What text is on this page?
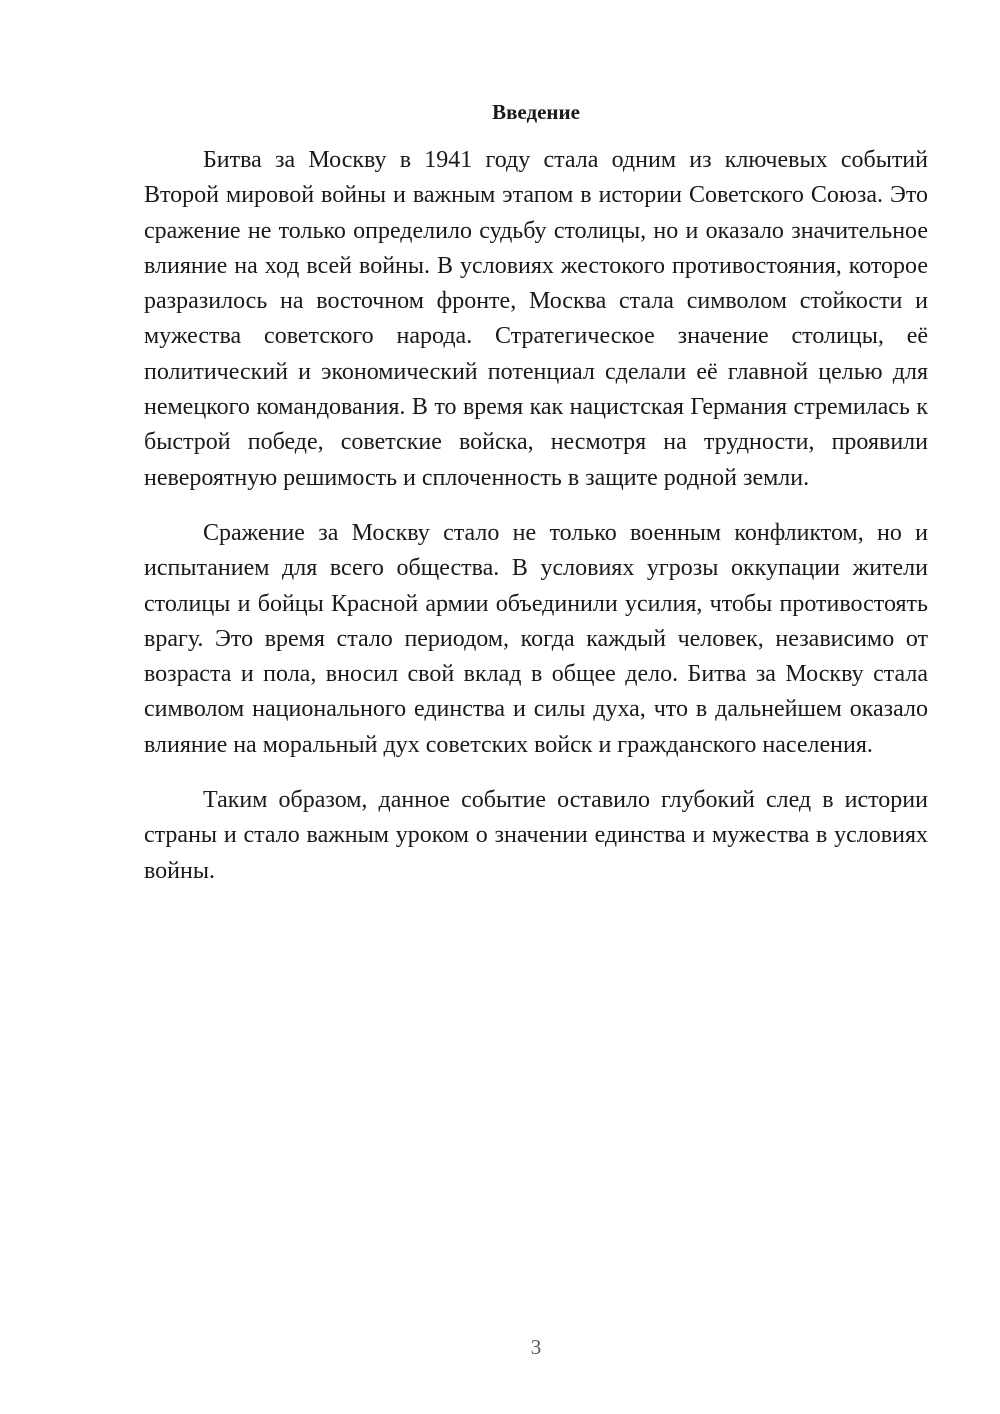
Введение

Битва за Москву в 1941 году стала одним из ключевых событий Второй мировой войны и важным этапом в истории Советского Союза. Это сражение не только определило судьбу столицы, но и оказало значительное влияние на ход всей войны. В условиях жестокого противостояния, которое разразилось на восточном фронте, Москва стала символом стойкости и мужества советского народа. Стратегическое значение столицы, её политический и экономический потенциал сделали её главной целью для немецкого командования. В то время как нацистская Германия стремилась к быстрой победе, советские войска, несмотря на трудности, проявили невероятную решимость и сплоченность в защите родной земли.

Сражение за Москву стало не только военным конфликтом, но и испытанием для всего общества. В условиях угрозы оккупации жители столицы и бойцы Красной армии объединили усилия, чтобы противостоять врагу. Это время стало периодом, когда каждый человек, независимо от возраста и пола, вносил свой вклад в общее дело. Битва за Москву стала символом национального единства и силы духа, что в дальнейшем оказало влияние на моральный дух советских войск и гражданского населения.

Таким образом, данное событие оставило глубокий след в истории страны и стало важным уроком о значении единства и мужества в условиях войны.

3
